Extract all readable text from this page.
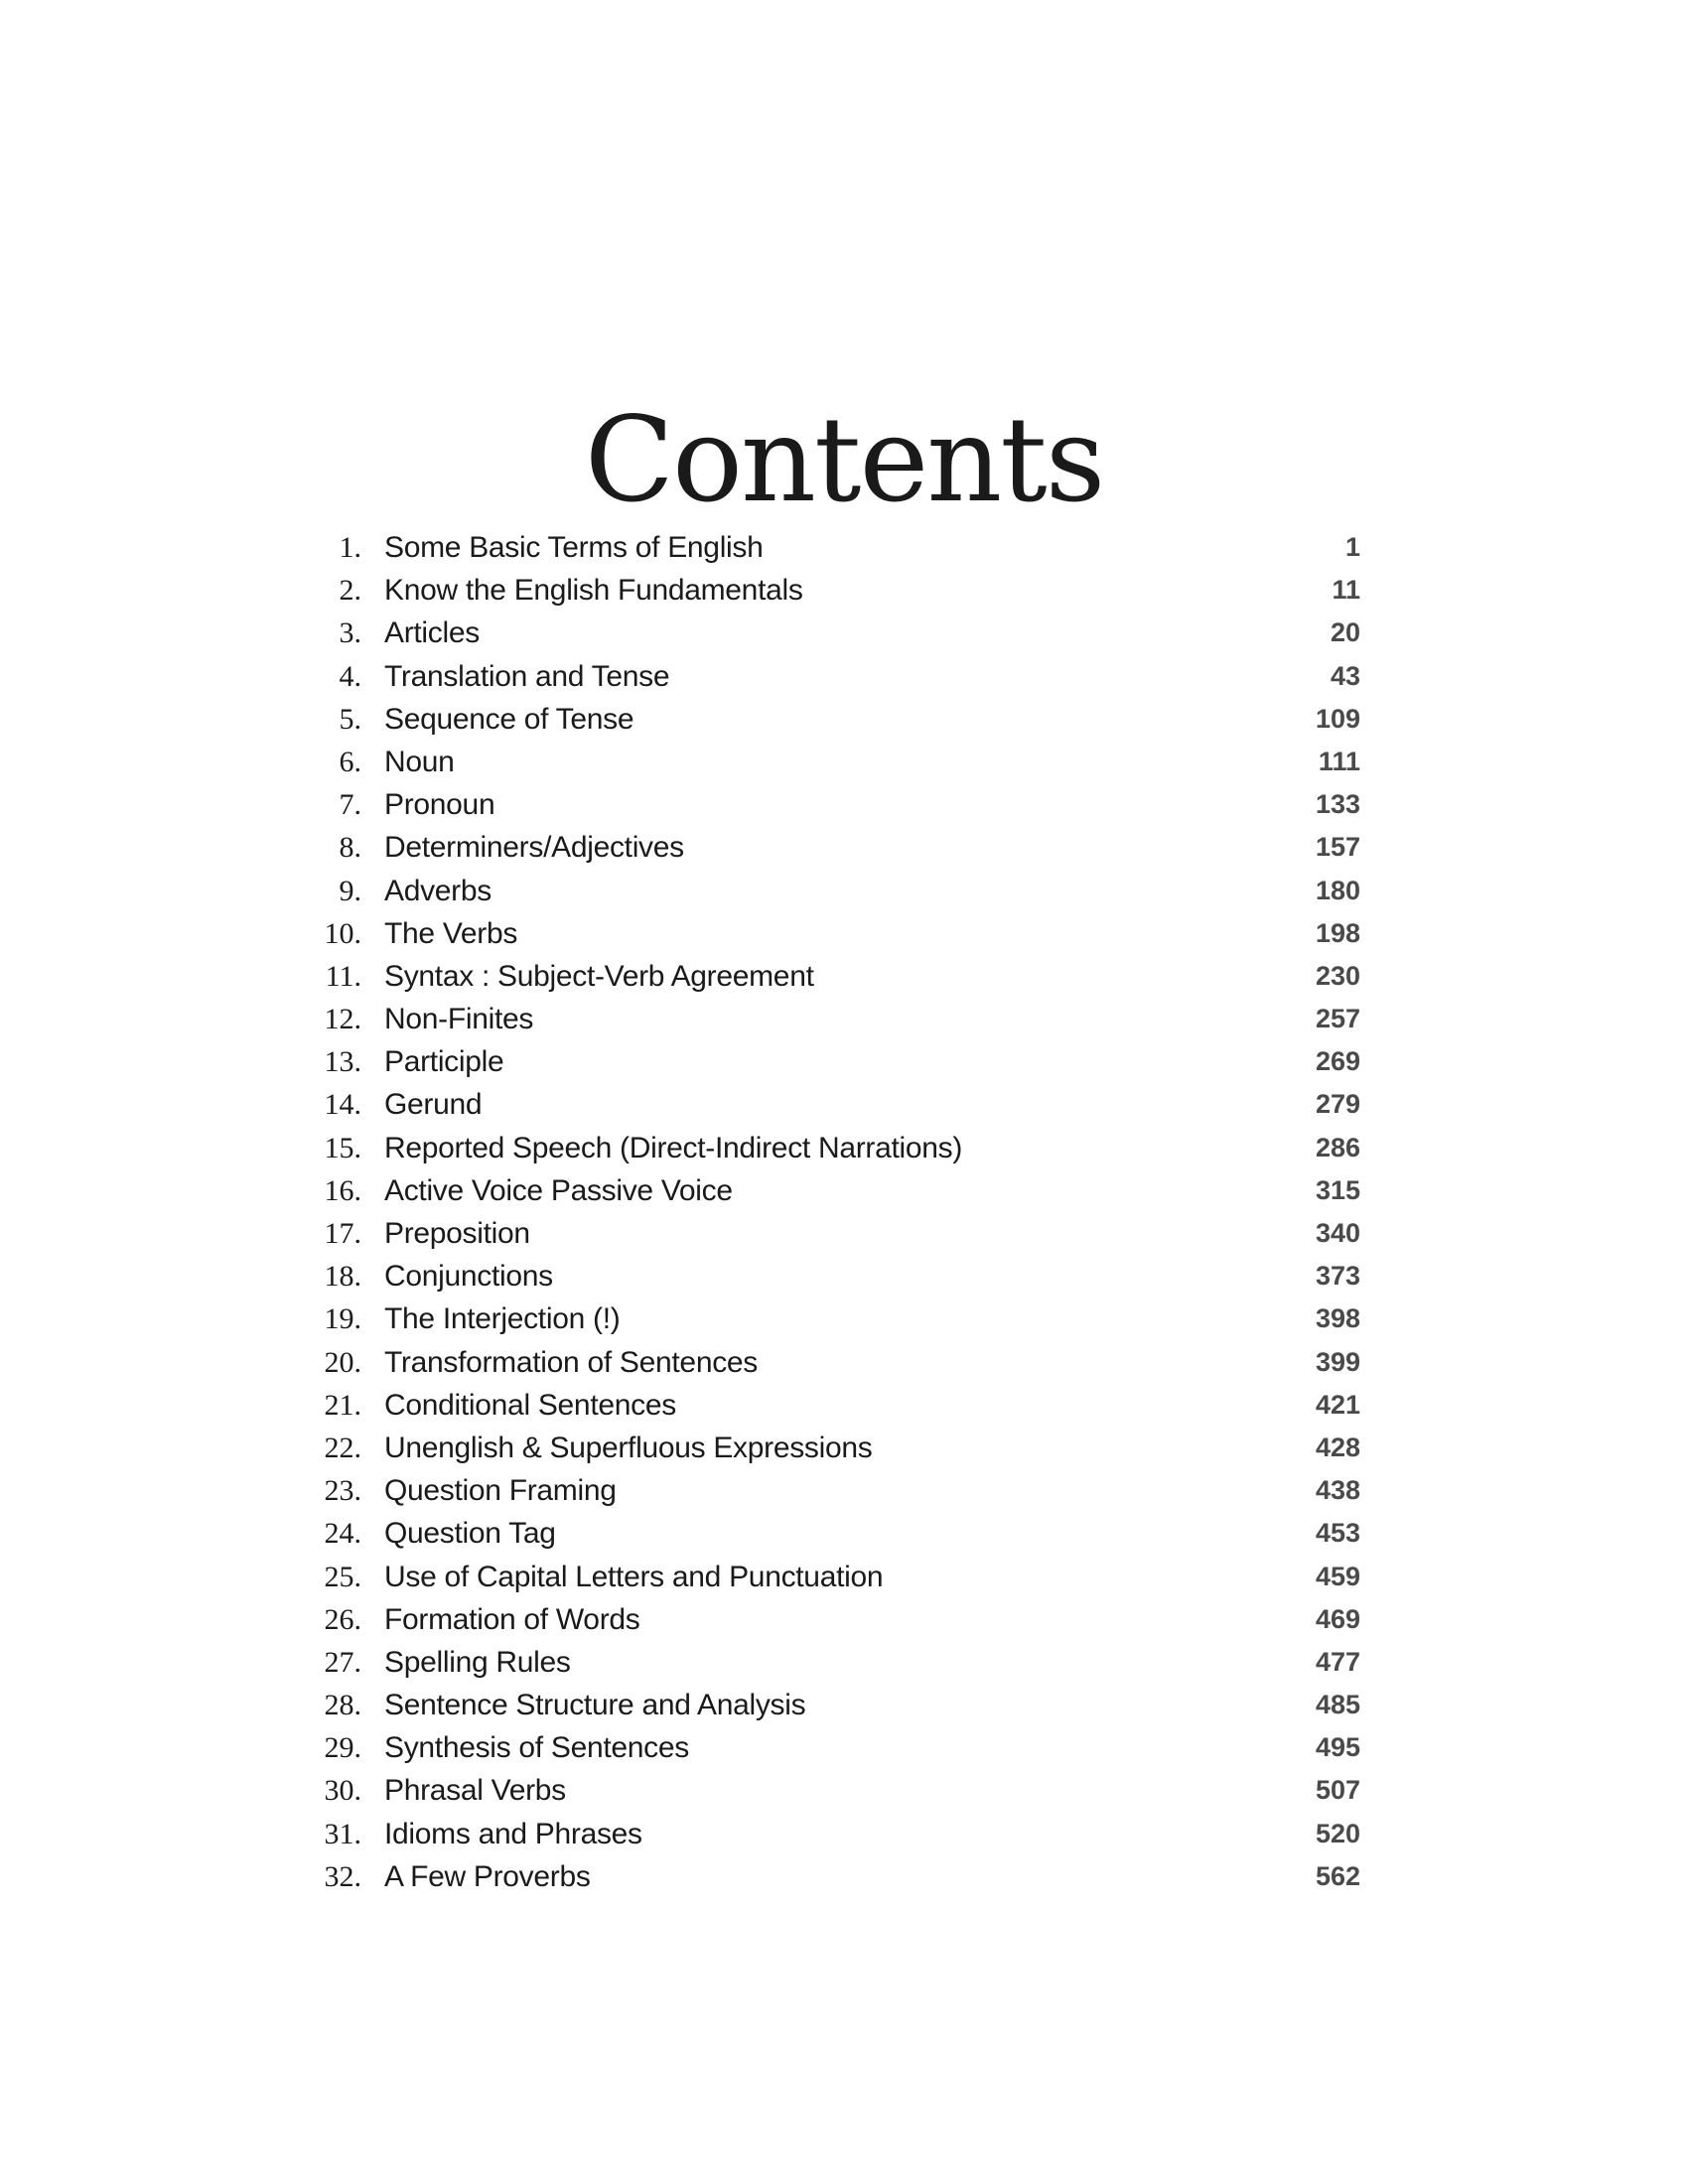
Contents
1. Some Basic Terms of English	1
2. Know the English Fundamentals	11
3. Articles	20
4. Translation and Tense	43
5. Sequence of Tense	109
6. Noun	111
7. Pronoun	133
8. Determiners/Adjectives	157
9. Adverbs	180
10. The Verbs	198
11. Syntax : Subject-Verb Agreement	230
12. Non-Finites	257
13. Participle	269
14. Gerund	279
15. Reported Speech (Direct-Indirect Narrations)	286
16. Active Voice Passive Voice	315
17. Preposition	340
18. Conjunctions	373
19. The Interjection (!)	398
20. Transformation of Sentences	399
21. Conditional Sentences	421
22. Unenglish & Superfluous Expressions	428
23. Question Framing	438
24. Question Tag	453
25. Use of Capital Letters and Punctuation	459
26. Formation of Words	469
27. Spelling Rules	477
28. Sentence Structure and Analysis	485
29. Synthesis of Sentences	495
30. Phrasal Verbs	507
31. Idioms and Phrases	520
32. A Few Proverbs	562
